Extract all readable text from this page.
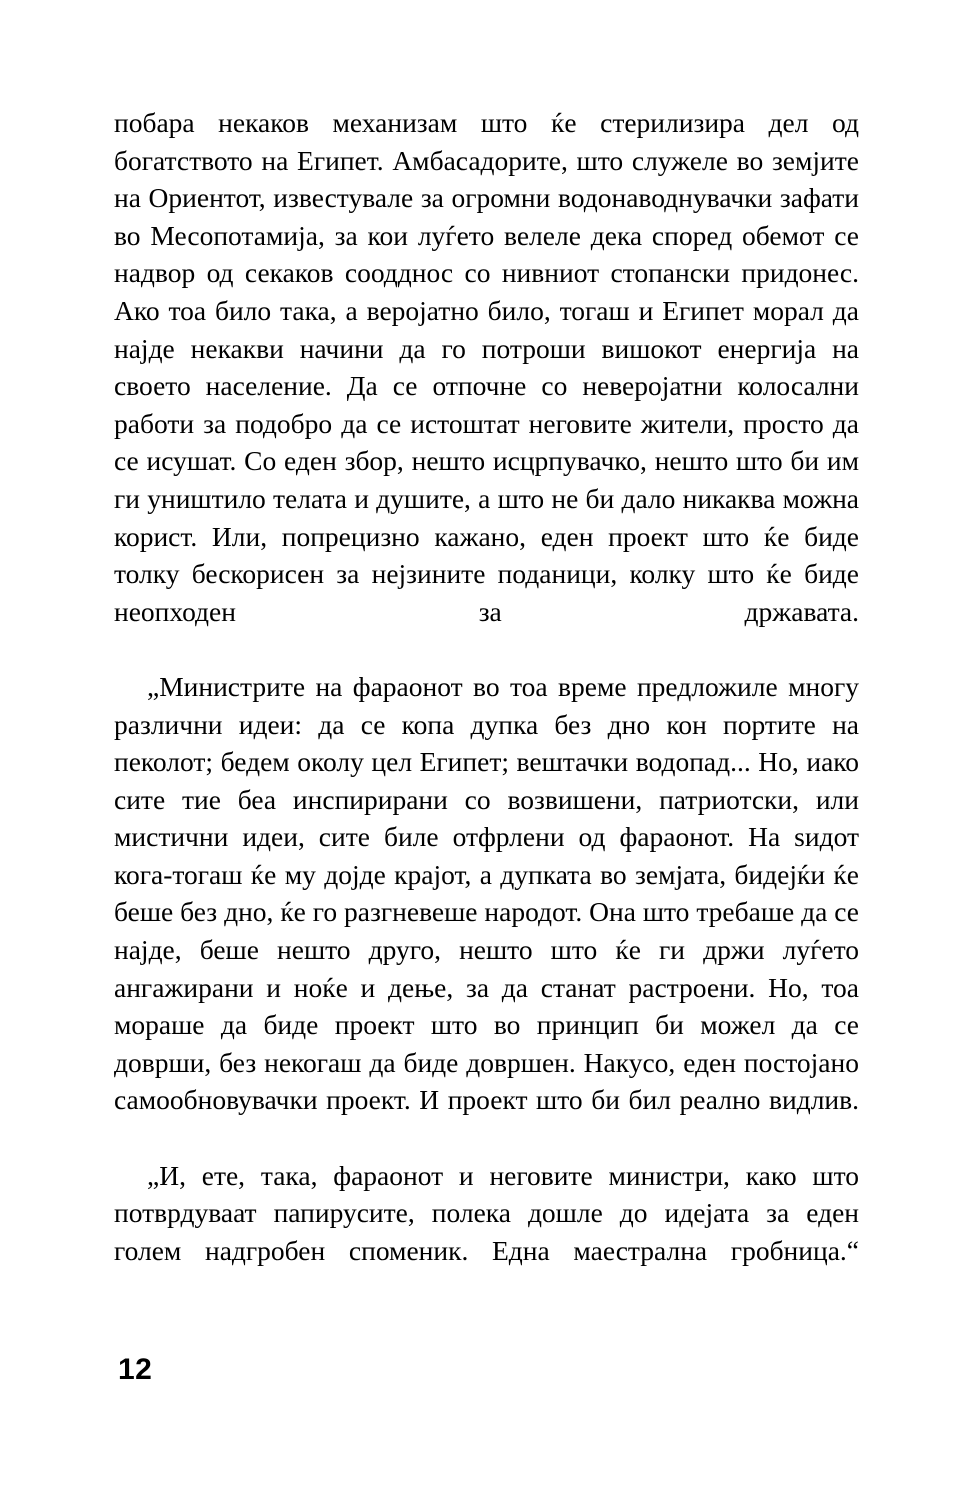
побара некаков механизам што ќе стерилизира дел од богатството на Египет. Амбасадорите, што служеле во земјите на Ориентот, известувале за огромни водонаводнувачки зафати во Месопотамија, за кои луѓето велеле дека според обемот се надвор од секаков соодднос со нивниот стопански придонес. Ако тоа било така, а веројатно било, тогаш и Египет морал да најде некакви начини да го потроши вишокот енергија на своето население. Да се отпочне со неверојатни колосални работи за подобро да се истоштат неговите жители, просто да се исушат. Со еден збор, нешто исцрпувачко, нешто што би им ги уништило телата и душите, а што не би дало никаква можна корист. Или, попрецизно кажано, еден проект што ќе биде толку бескорисен за нејзините поданици, колку што ќе биде неопходен за државата.

„Министрите на фараонот во тоа време предложиле многу различни идеи: да се копа дупка без дно кон портите на пеколот; бедем околу цел Египет; вештачки водопад... Но, иако сите тие беа инспирирани со возвишени, патриотски, или мистични идеи, сите биле отфрлени од фараонот. На ѕидот кога-тогаш ќе му дојде крајот, а дупката во земјата, бидејќи ќе беше без дно, ќе го разгневеше народот. Она што требаше да се најде, беше нешто друго, нешто што ќе ги држи луѓето ангажирани и ноќе и дење, за да станат растроени. Но, тоа мораше да биде проект што во принцип би можел да се доврши, без некогаш да биде довршен. Накусо, еден постојано самообновувачки проект. И проект што би бил реално видлив.

„И, ете, така, фараонот и неговите министри, како што потврдуваат папирусите, полека дошле до идејата за еден голем надгробен споменик. Една маестрална гробница.“

12
